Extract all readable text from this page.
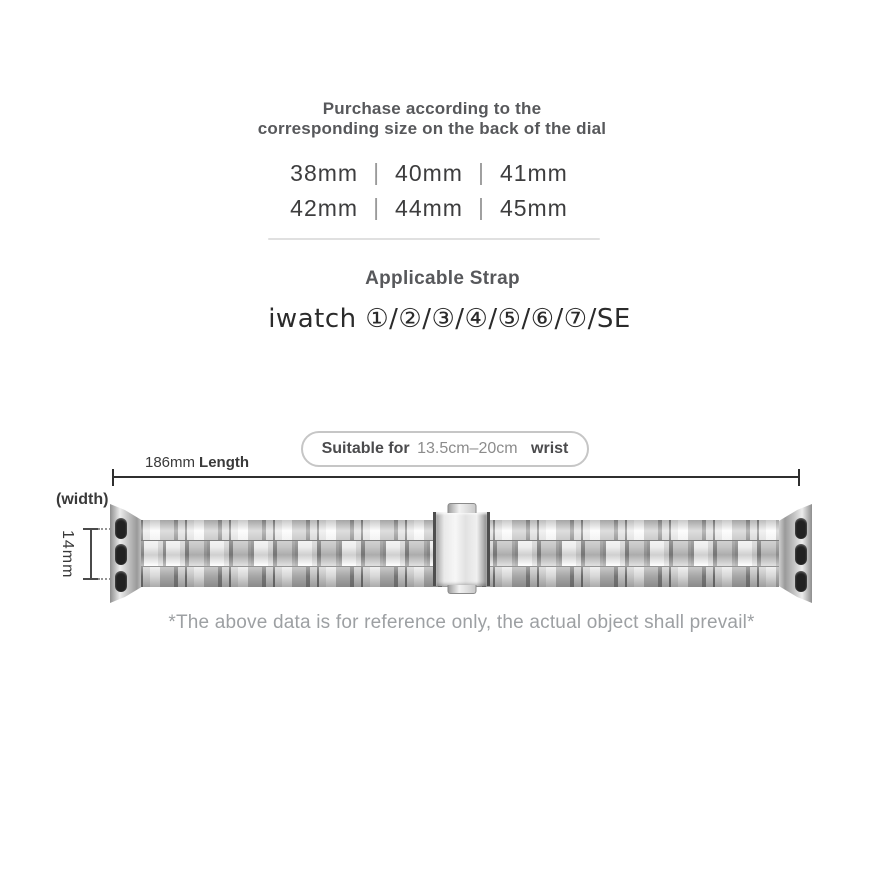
Purchase according to the
corresponding size on the back of the dial
38mm | 40mm | 41mm
42mm | 44mm | 45mm
Applicable Strap
iwatch ①/②/③/④/⑤/⑥/⑦/SE
Suitable for 13.5cm–20cm wrist
186mm Length
(width)
14mm
*The above data is for reference only, the actual object shall prevail*
